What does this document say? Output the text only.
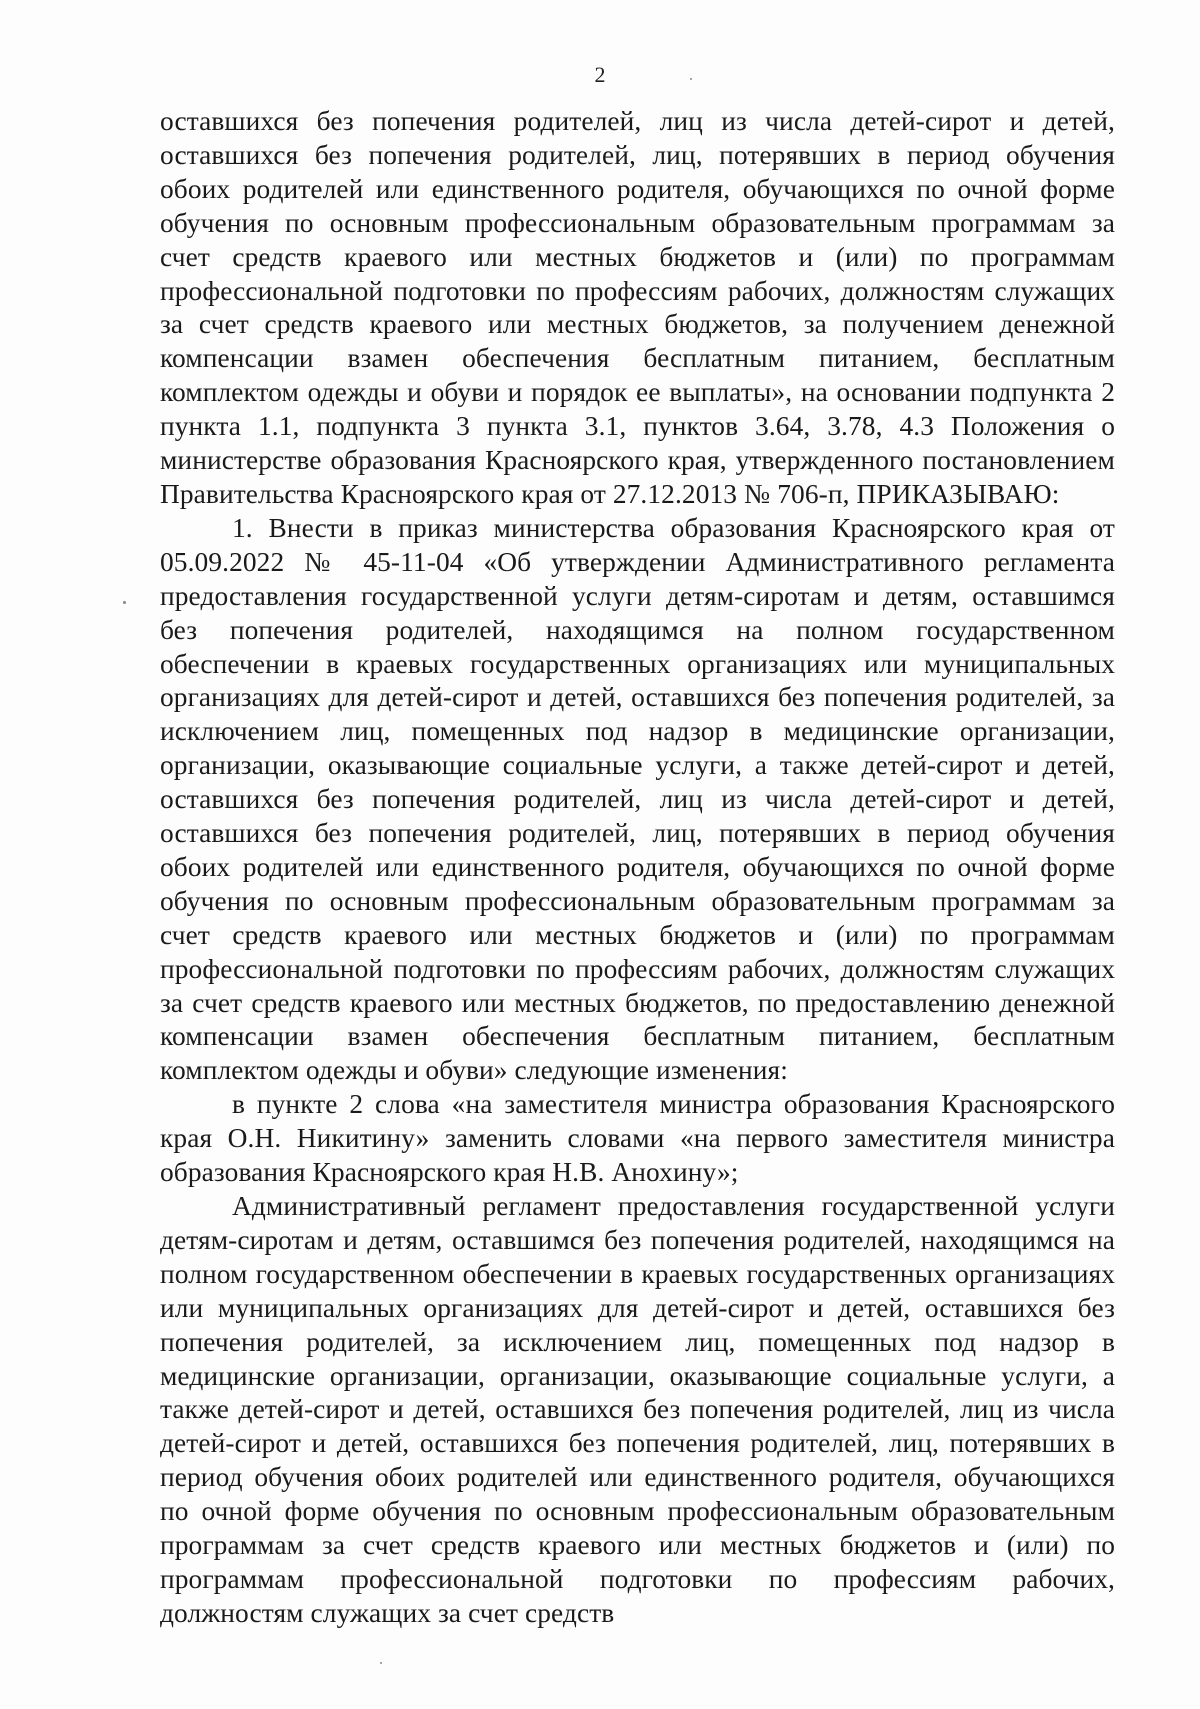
2

оставшихся без попечения родителей, лиц из числа детей-сирот и детей, оставшихся без попечения родителей, лиц, потерявших в период обучения обоих родителей или единственного родителя, обучающихся по очной форме обучения по основным профессиональным образовательным программам за счет средств краевого или местных бюджетов и (или) по программам профессиональной подготовки по профессиям рабочих, должностям служащих за счет средств краевого или местных бюджетов, за получением денежной компенсации взамен обеспечения бесплатным питанием, бесплатным комплектом одежды и обуви и порядок ее выплаты», на основании подпункта 2 пункта 1.1, подпункта 3 пункта 3.1, пунктов 3.64, 3.78, 4.3 Положения о министерстве образования Красноярского края, утвержденного постановлением Правительства Красноярского края от 27.12.2013 № 706-п, ПРИКАЗЫВАЮ:

1. Внести в приказ министерства образования Красноярского края от 05.09.2022 № 45-11-04 «Об утверждении Административного регламента предоставления государственной услуги детям-сиротам и детям, оставшимся без попечения родителей, находящимся на полном государственном обеспечении в краевых государственных организациях или муниципальных организациях для детей-сирот и детей, оставшихся без попечения родителей, за исключением лиц, помещенных под надзор в медицинские организации, организации, оказывающие социальные услуги, а также детей-сирот и детей, оставшихся без попечения родителей, лиц из числа детей-сирот и детей, оставшихся без попечения родителей, лиц, потерявших в период обучения обоих родителей или единственного родителя, обучающихся по очной форме обучения по основным профессиональным образовательным программам за счет средств краевого или местных бюджетов и (или) по программам профессиональной подготовки по профессиям рабочих, должностям служащих за счет средств краевого или местных бюджетов, по предоставлению денежной компенсации взамен обеспечения бесплатным питанием, бесплатным комплектом одежды и обуви» следующие изменения:

в пункте 2 слова «на заместителя министра образования Красноярского края О.Н. Никитину» заменить словами «на первого заместителя министра образования Красноярского края Н.В. Анохину»;

Административный регламент предоставления государственной услуги детям-сиротам и детям, оставшимся без попечения родителей, находящимся на полном государственном обеспечении в краевых государственных организациях или муниципальных организациях для детей-сирот и детей, оставшихся без попечения родителей, за исключением лиц, помещенных под надзор в медицинские организации, организации, оказывающие социальные услуги, а также детей-сирот и детей, оставшихся без попечения родителей, лиц из числа детей-сирот и детей, оставшихся без попечения родителей, лиц, потерявших в период обучения обоих родителей или единственного родителя, обучающихся по очной форме обучения по основным профессиональным образовательным программам за счет средств краевого или местных бюджетов и (или) по программам профессиональной подготовки по профессиям рабочих, должностям служащих за счет средств
